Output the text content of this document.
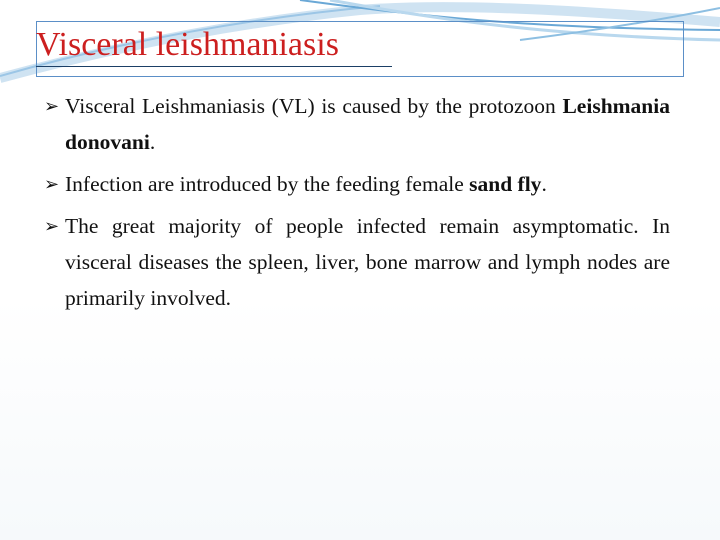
Visceral leishmaniasis
➢ Visceral Leishmaniasis (VL) is caused by the protozoon Leishmania donovani.
➢ Infection are introduced by the feeding female sand fly.
➢ The great majority of people infected remain asymptomatic. In visceral diseases the spleen, liver, bone marrow and lymph nodes are primarily involved.
